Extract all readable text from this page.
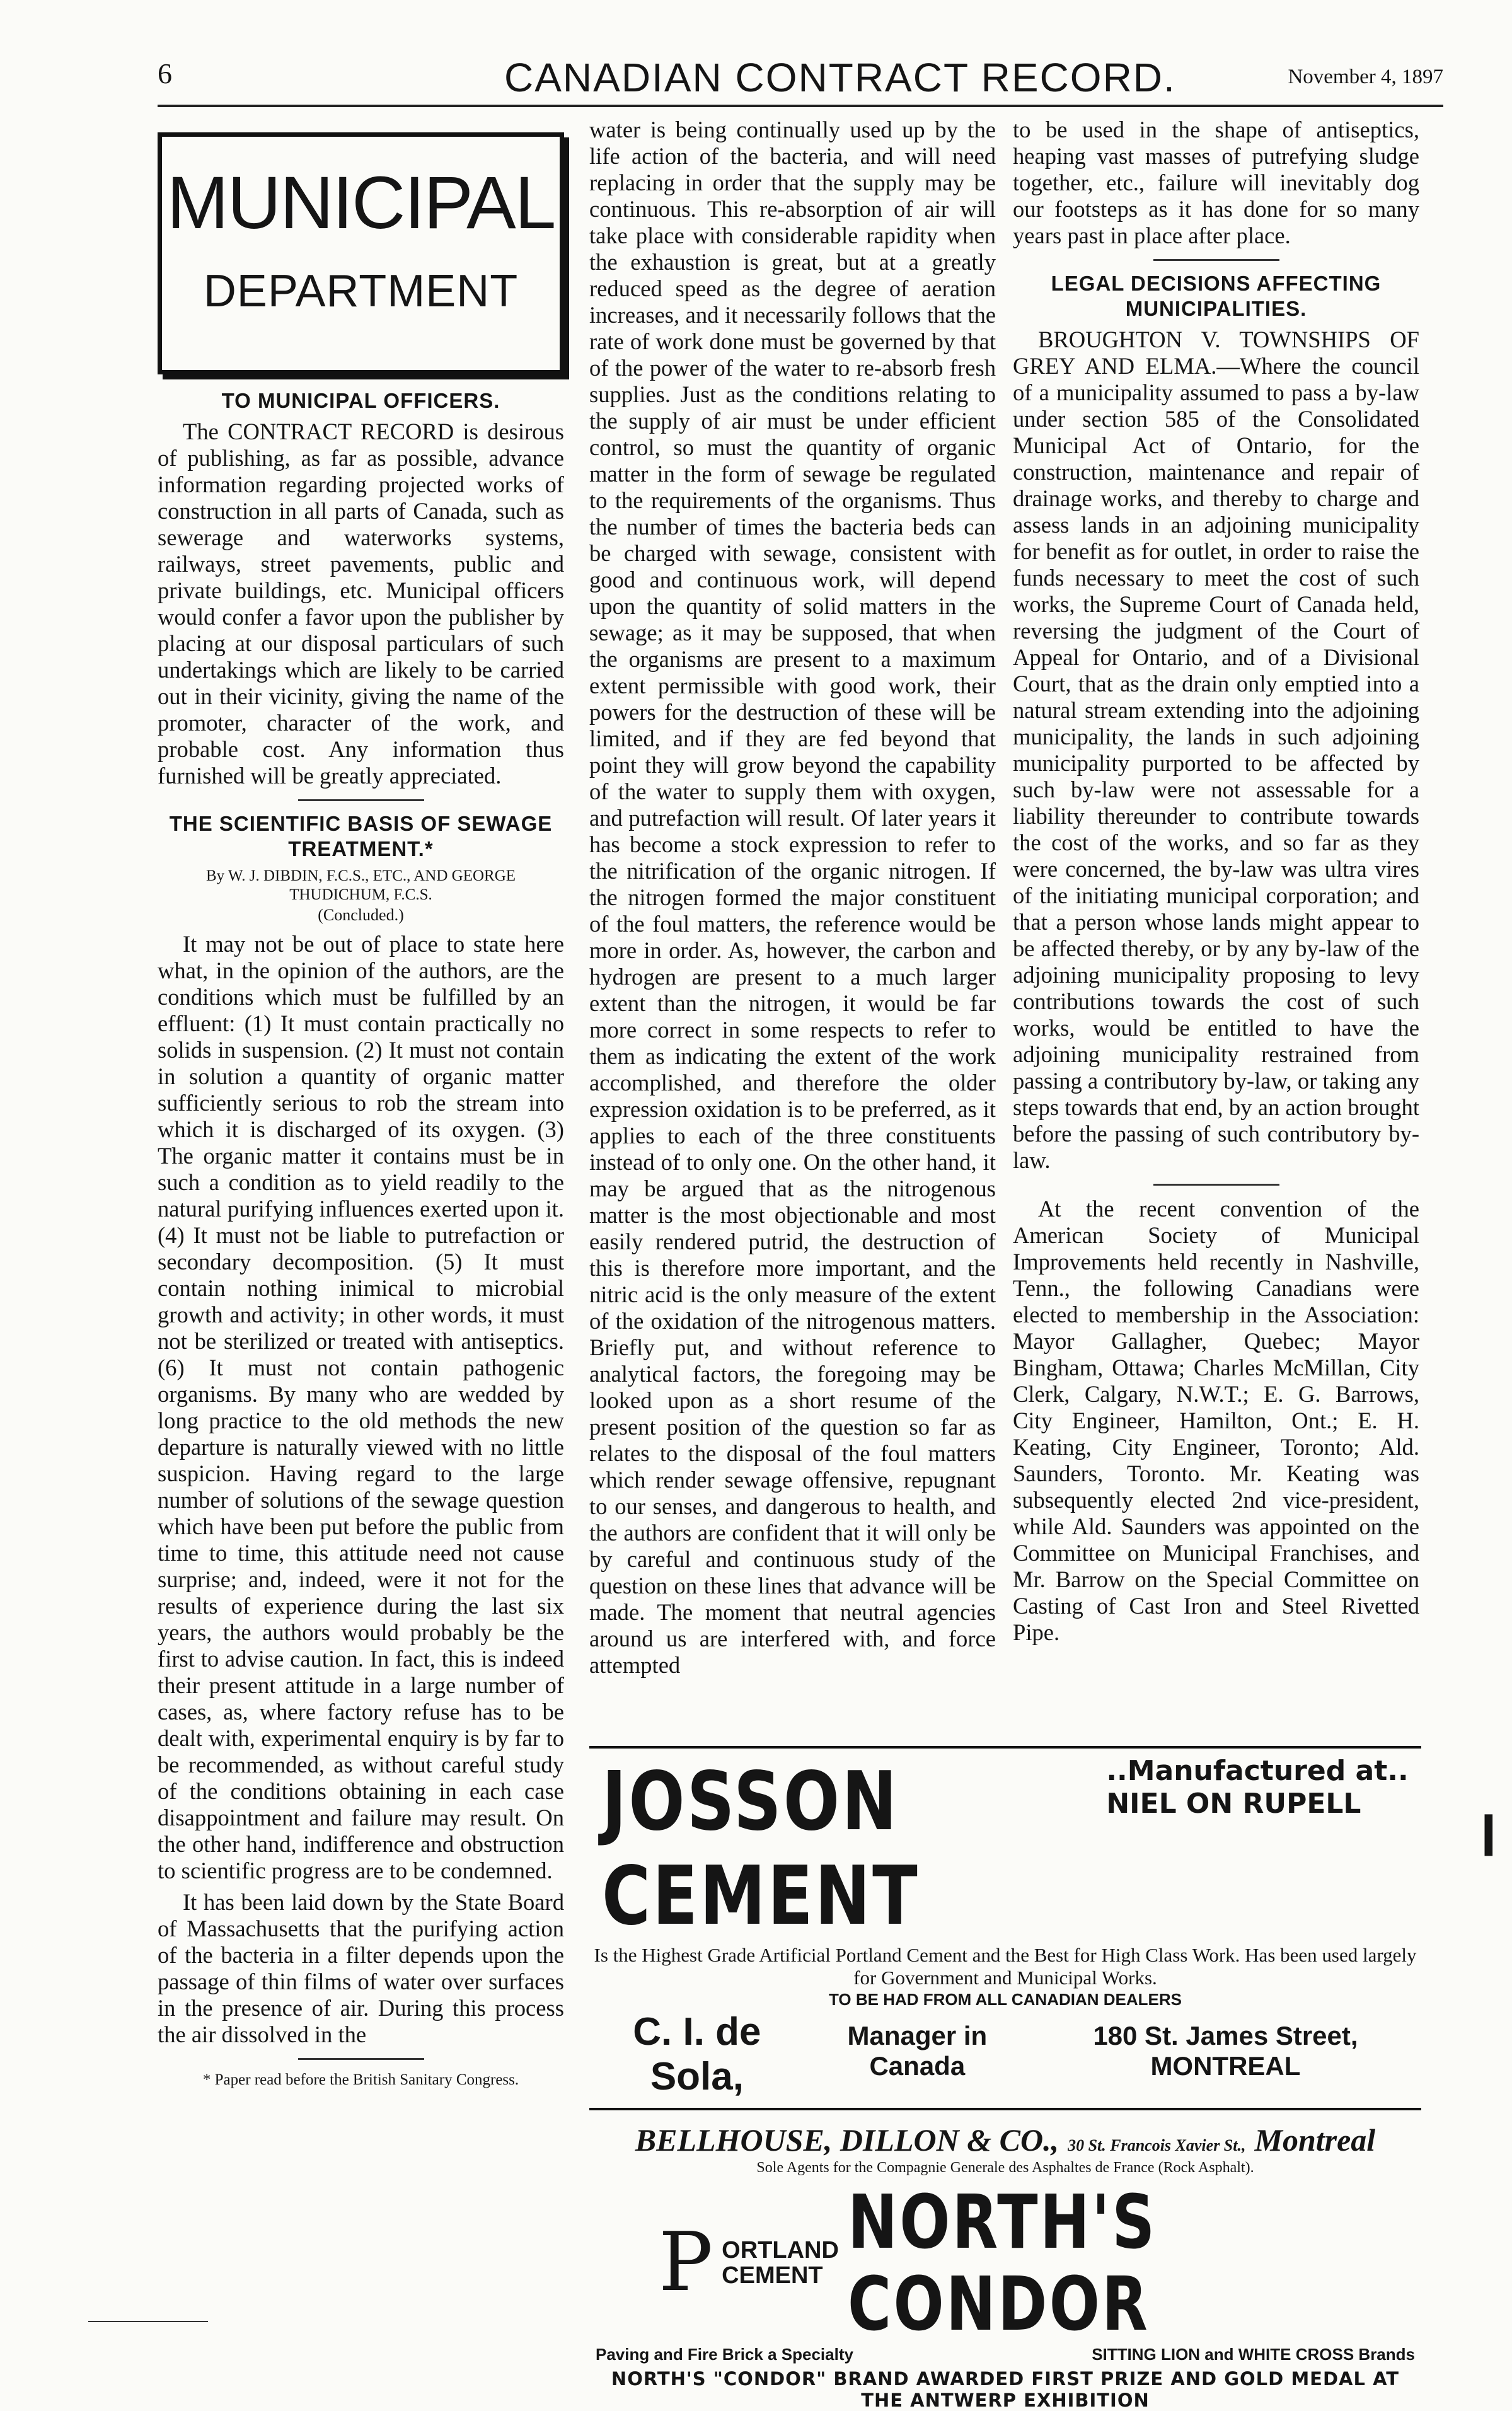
6	CANADIAN CONTRACT RECORD.	November 4, 1897
MUNICIPAL
DEPARTMENT
TO MUNICIPAL OFFICERS.

The CONTRACT RECORD is desirous of publishing, as far as possible, advance information regarding projected works of construction in all parts of Canada, such as sewerage and waterworks systems, railways, street pavements, public and private buildings, etc. Municipal officers would confer a favor upon the publisher by placing at our disposal particulars of such undertakings which are likely to be carried out in their vicinity, giving the name of the promoter, character of the work, and probable cost. Any information thus furnished will be greatly appreciated.

THE SCIENTIFIC BASIS OF SEWAGE TREATMENT.*
By W. J. DIBDIN, F.C.S., ETC., AND GEORGE THUDICHUM, F.C.S.
(Concluded.)

It may not be out of place to state here what, in the opinion of the authors, are the conditions which must be fulfilled by an effluent: (1) It must contain practically no solids in suspension. (2) It must not contain in solution a quantity of organic matter sufficiently serious to rob the stream into which it is discharged of its oxygen. (3) The organic matter it contains must be in such a condition as to yield readily to the natural purifying influences exerted upon it. (4) It must not be liable to putrefaction or secondary decomposition. (5) It must contain nothing inimical to microbial growth and activity; in other words, it must not be sterilized or treated with antiseptics. (6) It must not contain pathogenic organisms. By many who are wedded by long practice to the old methods the new departure is naturally viewed with no little suspicion. Having regard to the large number of solutions of the sewage question which have been put before the public from time to time, this attitude need not cause surprise; and, indeed, were it not for the results of experience during the last six years, the authors would probably be the first to advise caution. In fact, this is indeed their present attitude in a large number of cases, as, where factory refuse has to be dealt with, experimental enquiry is by far to be recommended, as without careful study of the conditions obtaining in each case disappointment and failure may result. On the other hand, indifference and obstruction to scientific progress are to be condemned.

It has been laid down by the State Board of Massachusetts that the purifying action of the bacteria in a filter depends upon the passage of thin films of water over surfaces in the presence of air. During this process the air dissolved in the

* Paper read before the British Sanitary Congress.

water is being continually used up by the life action of the bacteria, and will need replacing in order that the supply may be continuous. This re-absorption of air will take place with considerable rapidity when the exhaustion is great, but at a greatly reduced speed as the degree of aeration increases, and it necessarily follows that the rate of work done must be governed by that of the power of the water to re-absorb fresh supplies. Just as the conditions relating to the supply of air must be under efficient control, so must the quantity of organic matter in the form of sewage be regulated to the requirements of the organisms. Thus the number of times the bacteria beds can be charged with sewage, consistent with good and continuous work, will depend upon the quantity of solid matters in the sewage; as it may be supposed, that when the organisms are present to a maximum extent permissible with good work, their powers for the destruction of these will be limited, and if they are fed beyond that point they will grow beyond the capability of the water to supply them with oxygen, and putrefaction will result. Of later years it has become a stock expression to refer to the nitrification of the organic nitrogen. If the nitrogen formed the major constituent of the foul matters, the reference would be more in order. As, however, the carbon and hydrogen are present to a much larger extent than the nitrogen, it would be far more correct in some respects to refer to them as indicating the extent of the work accomplished, and therefore the older expression oxidation is to be preferred, as it applies to each of the three constituents instead of to only one. On the other hand, it may be argued that as the nitrogenous matter is the most objectionable and most easily rendered putrid, the destruction of this is therefore more important, and the nitric acid is the only measure of the extent of the oxidation of the nitrogenous matters. Briefly put, and without reference to analytical factors, the foregoing may be looked upon as a short resume of the present position of the question so far as relates to the disposal of the foul matters which render sewage offensive, repugnant to our senses, and dangerous to health, and the authors are confident that it will only be by careful and continuous study of the question on these lines that advance will be made. The moment that neutral agencies around us are interfered with, and force attempted

to be used in the shape of antiseptics, heaping vast masses of putrefying sludge together, etc., failure will inevitably dog our footsteps as it has done for so many years past in place after place.

LEGAL DECISIONS AFFECTING MUNICIPALITIES.

BROUGHTON V. TOWNSHIPS OF GREY AND ELMA.—Where the council of a municipality assumed to pass a by-law under section 585 of the Consolidated Municipal Act of Ontario, for the construction, maintenance and repair of drainage works, and thereby to charge and assess lands in an adjoining municipality for benefit as for outlet, in order to raise the funds necessary to meet the cost of such works, the Supreme Court of Canada held, reversing the judgment of the Court of Appeal for Ontario, and of a Divisional Court, that as the drain only emptied into a natural stream extending into the adjoining municipality, the lands in such adjoining municipality purported to be affected by such by-law were not assessable for a liability thereunder to contribute towards the cost of the works, and so far as they were concerned, the by-law was ultra vires of the initiating municipal corporation; and that a person whose lands might appear to be affected thereby, or by any by-law of the adjoining municipality proposing to levy contributions towards the cost of such works, would be entitled to have the adjoining municipality restrained from passing a contributory by-law, or taking any steps towards that end, by an action brought before the passing of such contributory by-law.

At the recent convention of the American Society of Municipal Improvements held recently in Nashville, Tenn., the following Canadians were elected to membership in the Association: Mayor Gallagher, Quebec; Mayor Bingham, Ottawa; Charles McMillan, City Clerk, Calgary, N.W.T.; E. G. Barrows, City Engineer, Hamilton, Ont.; E. H. Keating, City Engineer, Toronto; Ald. Saunders, Toronto. Mr. Keating was subsequently elected 2nd vice-president, while Ald. Saunders was appointed on the Committee on Municipal Franchises, and Mr. Barrow on the Special Committee on Casting of Cast Iron and Steel Rivetted Pipe.

JOSSON CEMENT
..Manufactured at..
NIEL ON RUPELL
Is the Highest Grade Artificial Portland Cement and the Best for High Class Work. Has been used largely for Government and Municipal Works.
TO BE HAD FROM ALL CANADIAN DEALERS
C. I. de Sola,
Manager in Canada
180 St. James Street, MONTREAL
BELLHOUSE, DILLON & CO., 30 St. Francois Xavier St., Montreal
Sole Agents for the Compagnie Generale des Asphaltes de France (Rock Asphalt).
P ORTLAND
CEMENT
NORTH'S CONDOR
Paving and Fire Brick a Specialty	SITTING LION and WHITE CROSS Brands
NORTH'S "CONDOR" BRAND AWARDED FIRST PRIZE AND GOLD MEDAL AT THE ANTWERP EXHIBITION
❙
